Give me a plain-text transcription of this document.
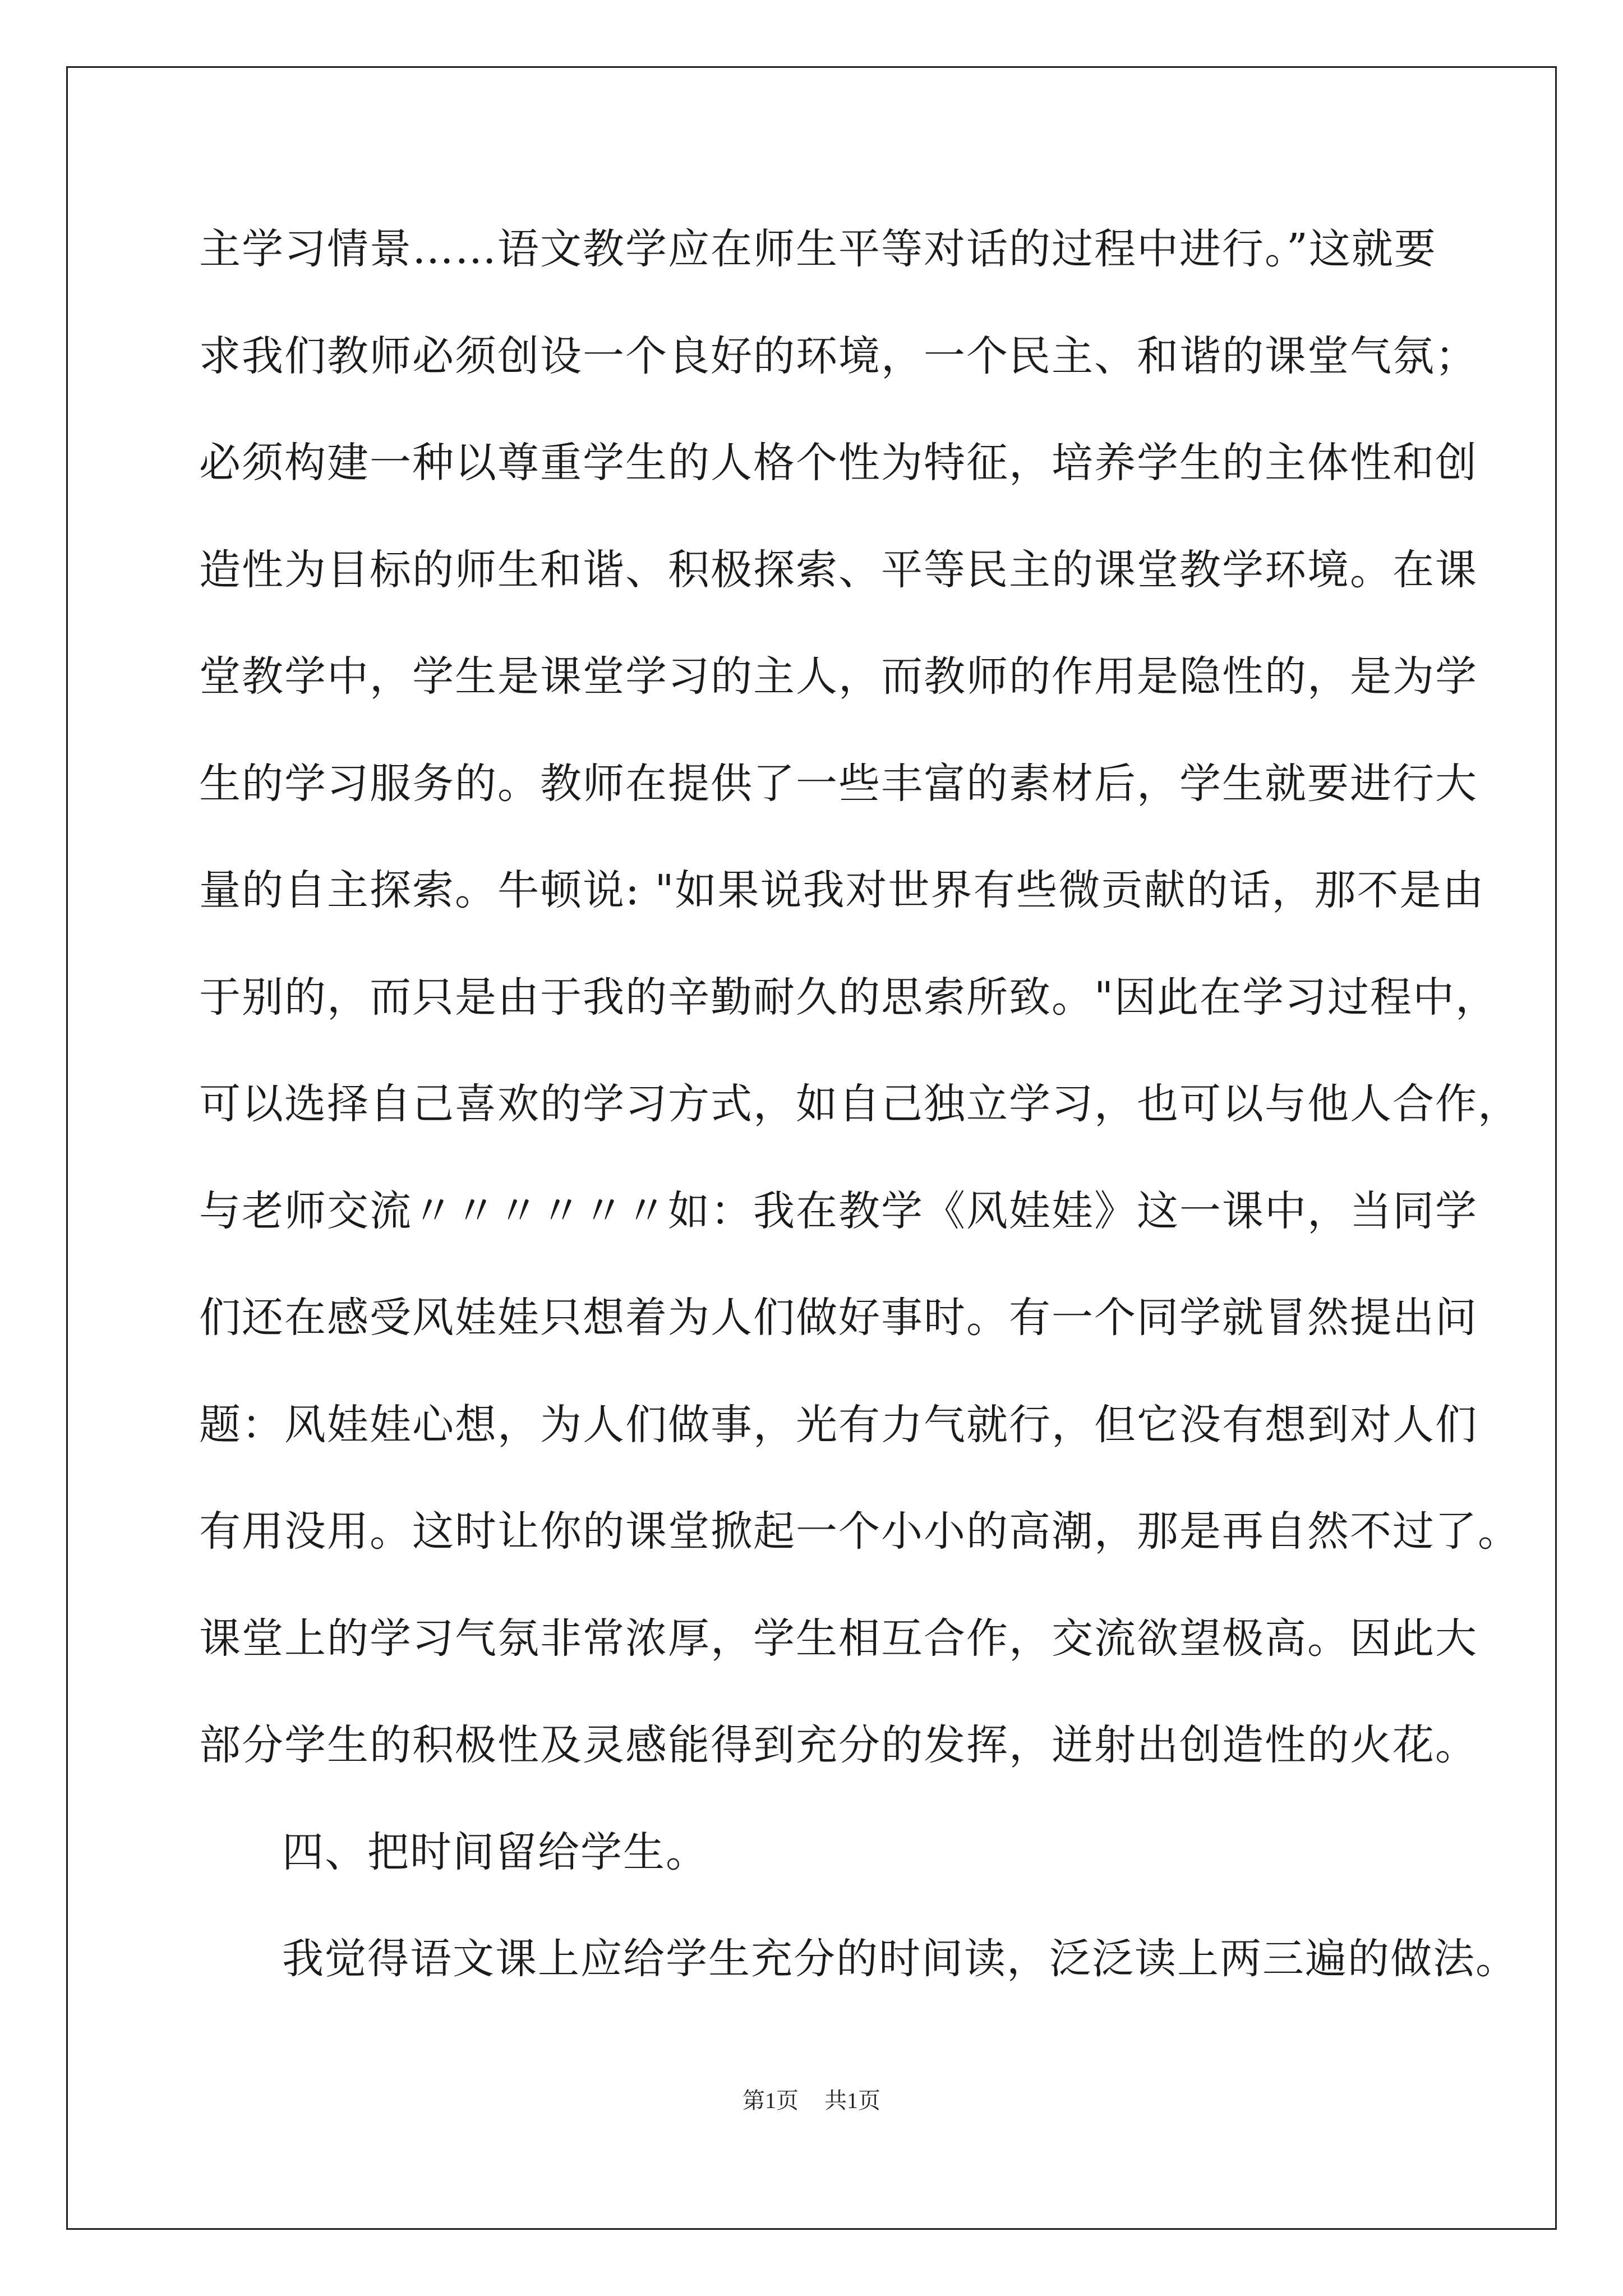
主学习情景……语文教学应在师生平等对话的过程中进行。”这就要
求我们教师必须创设一个良好的环境，一个民主、和谐的课堂气氛；
必须构建一种以尊重学生的人格个性为特征，培养学生的主体性和创
造性为目标的师生和谐、积极探索、平等民主的课堂教学环境。在课
堂教学中，学生是课堂学习的主人，而教师的作用是隐性的，是为学
生的学习服务的。教师在提供了一些丰富的素材后，学生就要进行大
量的自主探索。牛顿说: "如果说我对世界有些微贡献的话，那不是由
于别的，而只是由于我的辛勤耐久的思索所致。"因此在学习过程中，
可以选择自己喜欢的学习方式，如自己独立学习，也可以与他人合作，
与老师交流〃〃〃〃〃〃如：我在教学《风娃娃》这一课中，当同学
们还在感受风娃娃只想着为人们做好事时。有一个同学就冒然提出问
题：风娃娃心想，为人们做事，光有力气就行，但它没有想到对人们
有用没用。这时让你的课堂掀起一个小小的高潮，那是再自然不过了。
课堂上的学习气氛非常浓厚，学生相互合作，交流欲望极高。因此大
部分学生的积极性及灵感能得到充分的发挥，迸射出创造性的火花。
四、把时间留给学生。
我觉得语文课上应给学生充分的时间读，泛泛读上两三遍的做法。
第1页 共1页
